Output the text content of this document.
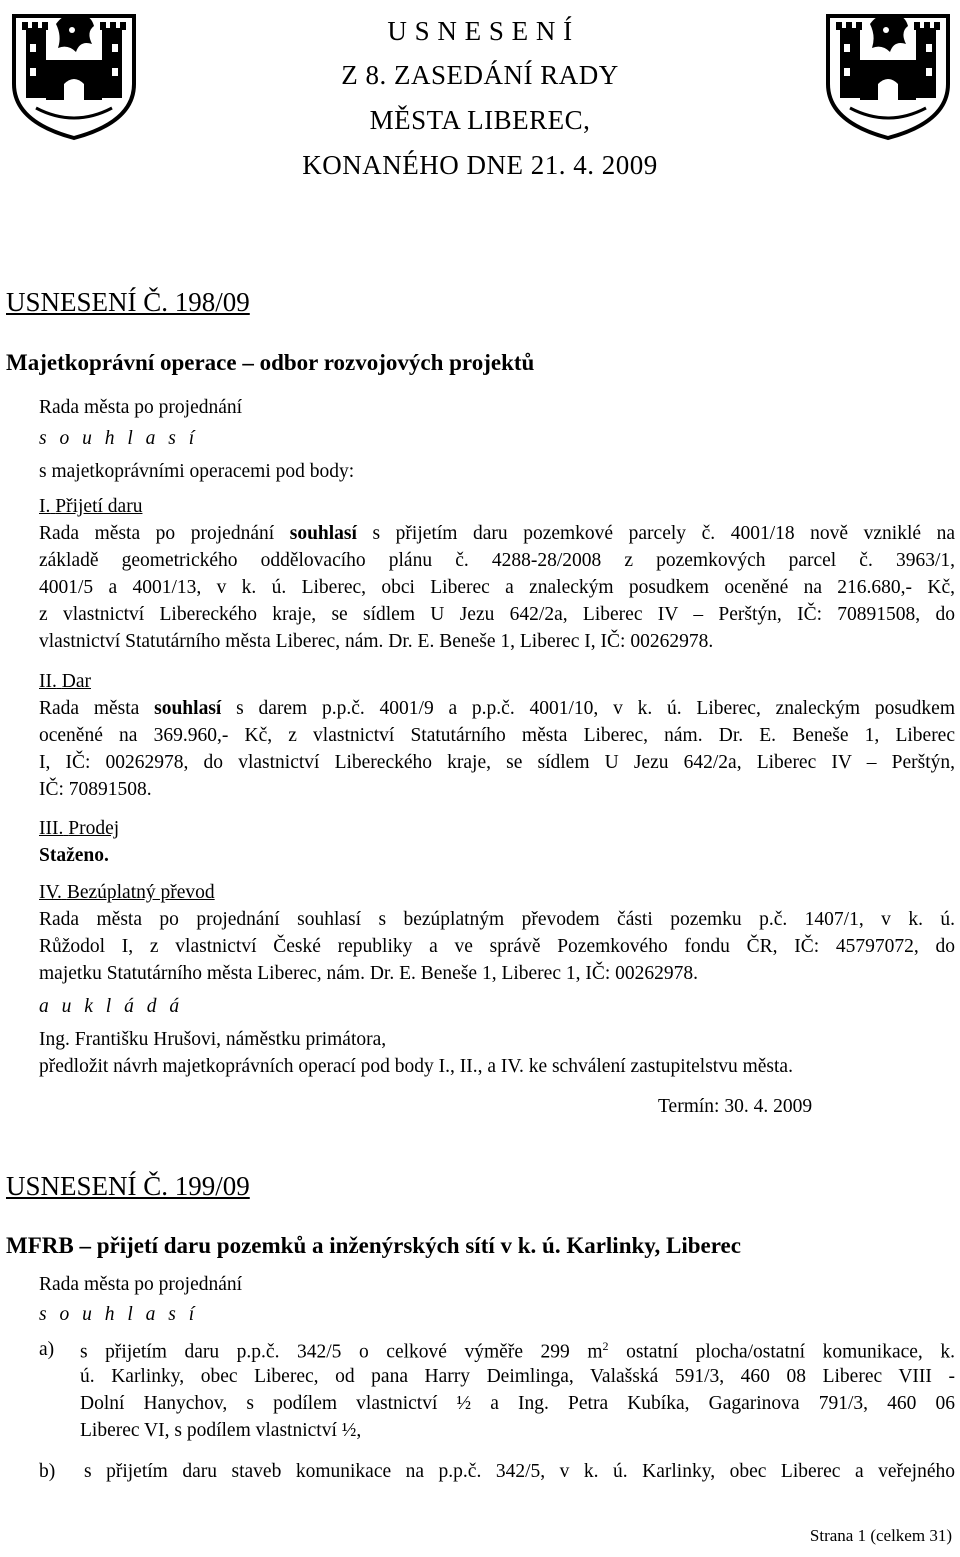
U S N E S E N Í
Z 8. ZASEDÁNÍ RADY
MĚSTA LIBEREC,
KONANÉHO DNE 21. 4. 2009
USNESENÍ Č. 198/09
Majetkoprávní operace – odbor rozvojových projektů
Rada města po projednání
s o u h l a s í
s majetkoprávními operacemi pod body:
I. Přijetí daru
Rada města po projednání souhlasí s přijetím daru pozemkové parcely č. 4001/18 nově vzniklé na
základě geometrického oddělovacího plánu č. 4288-28/2008 z pozemkových parcel č. 3963/1,
4001/5 a 4001/13, v k. ú. Liberec, obci Liberec a znaleckým posudkem oceněné na 216.680,- Kč,
z vlastnictví Libereckého kraje, se sídlem U Jezu 642/2a, Liberec IV – Perštýn, IČ: 70891508, do
vlastnictví Statutárního města Liberec, nám. Dr. E. Beneše 1, Liberec I, IČ: 00262978.
II. Dar
Rada města souhlasí s darem p.p.č. 4001/9 a p.p.č. 4001/10, v k. ú. Liberec, znaleckým posudkem
oceněné na 369.960,- Kč, z vlastnictví Statutárního města Liberec, nám. Dr. E. Beneše 1, Liberec
I, IČ: 00262978, do vlastnictví Libereckého kraje, se sídlem U Jezu 642/2a, Liberec IV – Perštýn,
IČ: 70891508.
III. Prodej
Staženo.
IV. Bezúplatný převod
Rada města po projednání souhlasí s bezúplatným převodem části pozemku p.č. 1407/1, v k. ú.
Růžodol I, z vlastnictví České republiky a ve správě Pozemkového fondu ČR, IČ: 45797072, do
majetku Statutárního města Liberec, nám. Dr. E. Beneše 1, Liberec 1, IČ: 00262978.
a u k l á d á
Ing. Františku Hrušovi, náměstku primátora,
předložit návrh majetkoprávních operací pod body I., II., a IV. ke schválení zastupitelstvu města.
Termín: 30. 4. 2009
USNESENÍ Č. 199/09
MFRB – přijetí daru pozemků a inženýrských sítí v k. ú. Karlinky, Liberec
Rada města po projednání
s o u h l a s í
a) s přijetím daru p.p.č. 342/5 o celkové výměře 299 $m^2$ ostatní plocha/ostatní komunikace, k.
ú. Karlinky, obec Liberec, od pana Harry Deimlinga, Valašská 591/3, 460 08 Liberec VIII -
Dolní Hanychov, s podílem vlastnictví ½ a Ing. Petra Kubíka, Gagarinova 791/3, 460 06
Liberec VI, s podílem vlastnictví ½,
b) s přijetím daru staveb komunikace na p.p.č. 342/5, v k. ú. Karlinky, obec Liberec a veřejného
Strana 1 (celkem 31)
